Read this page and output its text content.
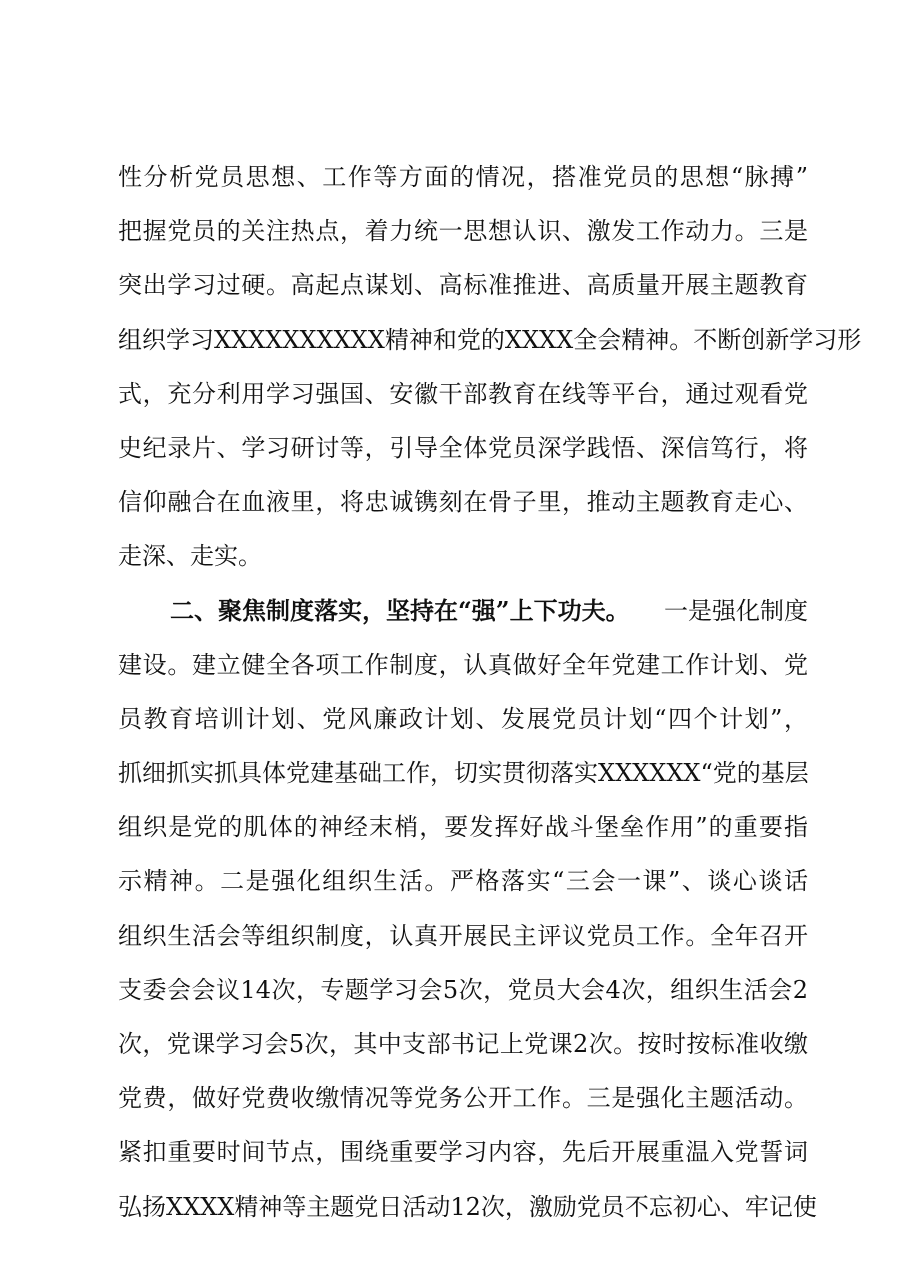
性分析党员思想、工作等方面的情况，搭准党员的思想“脉搏”
把握党员的关注热点，着力统一思想认识、激发工作动力。三是
突出学习过硬。高起点谋划、高标准推进、高质量开展主题教育
组织学习XXXXXXXXXX精神和党的XXXX全会精神。不断创新学习形
式，充分利用学习强国、安徽干部教育在线等平台，通过观看党
史纪录片、学习研讨等，引导全体党员深学践悟、深信笃行，将
信仰融合在血液里，将忠诚镌刻在骨子里，推动主题教育走心、
走深、走实。
二、聚焦制度落实，坚持在“强”上下功夫。 一是强化制度
建设。建立健全各项工作制度，认真做好全年党建工作计划、党
员教育培训计划、党风廉政计划、发展党员计划“四个计划”，
抓细抓实抓具体党建基础工作，切实贯彻落实XXXXXX“党的基层
组织是党的肌体的神经末梢，要发挥好战斗堡垒作用”的重要指
示精神。二是强化组织生活。严格落实“三会一课”、谈心谈话
组织生活会等组织制度，认真开展民主评议党员工作。全年召开
支委会会议14次，专题学习会5次，党员大会4次，组织生活会2
次，党课学习会5次，其中支部书记上党课2次。按时按标准收缴
党费，做好党费收缴情况等党务公开工作。三是强化主题活动。
紧扣重要时间节点，围绕重要学习内容，先后开展重温入党誓词
弘扬XXXX精神等主题党日活动12次，激励党员不忘初心、牢记使
